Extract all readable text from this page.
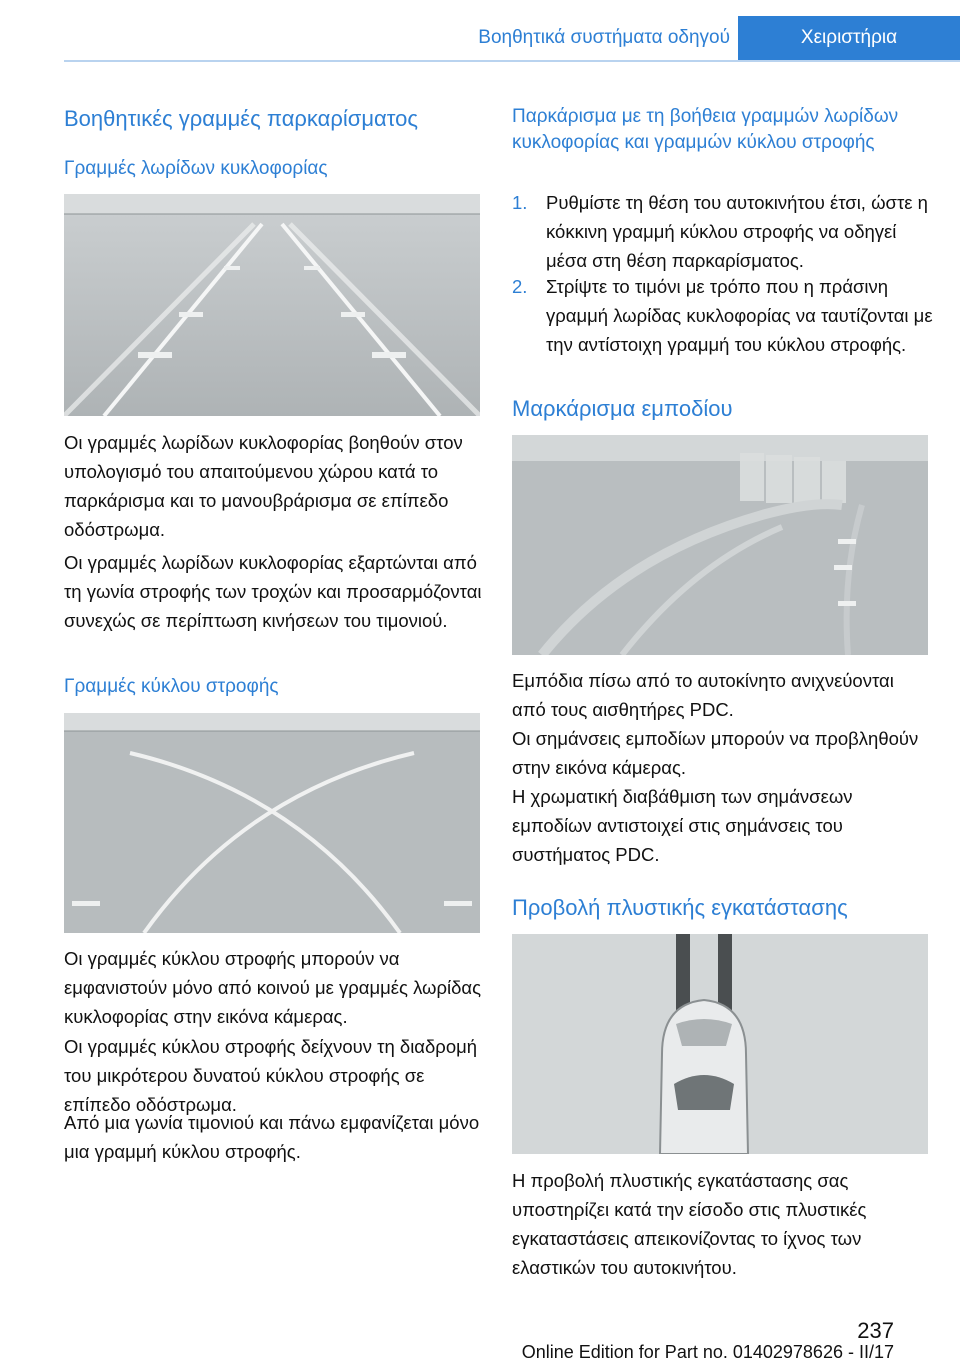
Βοηθητικά συστήματα οδηγού	Χειριστήρια
Βοηθητικές γραμμές παρκαρίσματος
Γραμμές λωρίδων κυκλοφορίας
Οι γραμμές λωρίδων κυκλοφορίας βοηθούν στον υπολογισμό του απαιτούμενου χώρου κατά το παρκάρισμα και το μανουβράρισμα σε επίπεδο οδόστρωμα.
Οι γραμμές λωρίδων κυκλοφορίας εξαρτώνται από τη γωνία στροφής των τροχών και προσαρμόζονται συνεχώς σε περίπτωση κινήσεων του τιμονιού.
Γραμμές κύκλου στροφής
Οι γραμμές κύκλου στροφής μπορούν να εμφανιστούν μόνο από κοινού με γραμμές λωρίδας κυκλοφορίας στην εικόνα κάμερας.
Οι γραμμές κύκλου στροφής δείχνουν τη διαδρομή του μικρότερου δυνατού κύκλου στροφής σε επίπεδο οδόστρωμα.
Από μια γωνία τιμονιού και πάνω εμφανίζεται μόνο μια γραμμή κύκλου στροφής.
Παρκάρισμα με τη βοήθεια γραμμών λωρίδων κυκλοφορίας και γραμμών κύκλου στροφής
1. Ρυθμίστε τη θέση του αυτοκινήτου έτσι, ώστε η κόκκινη γραμμή κύκλου στροφής να οδηγεί μέσα στη θέση παρκαρίσματος.
2. Στρίψτε το τιμόνι με τρόπο που η πράσινη γραμμή λωρίδας κυκλοφορίας να ταυτίζονται με την αντίστοιχη γραμμή του κύκλου στροφής.
Μαρκάρισμα εμποδίου
Εμπόδια πίσω από το αυτοκίνητο ανιχνεύονται από τους αισθητήρες PDC.
Οι σημάνσεις εμποδίων μπορούν να προβληθούν στην εικόνα κάμερας.
Η χρωματική διαβάθμιση των σημάνσεων εμποδίων αντιστοιχεί στις σημάνσεις του συστήματος PDC.
Προβολή πλυστικής εγκατάστασης
Η προβολή πλυστικής εγκατάστασης σας υποστηρίζει κατά την είσοδο στις πλυστικές εγκαταστάσεις απεικονίζοντας το ίχνος των ελαστικών του αυτοκινήτου.
237
Online Edition for Part no. 01402978626 - II/17
